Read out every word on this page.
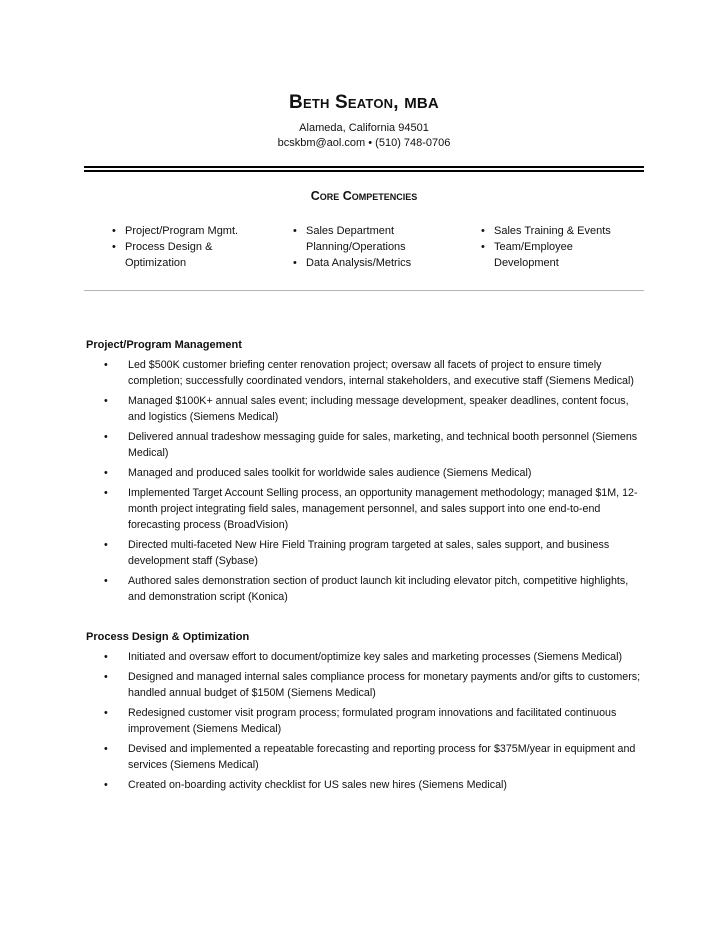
Beth Seaton, MBA
Alameda, California 94501
bcskbm@aol.com • (510) 748-0706
Core Competencies
• Project/Program Mgmt.
• Process Design & Optimization
• Sales Department Planning/Operations
• Data Analysis/Metrics
• Sales Training & Events
• Team/Employee Development
Project/Program Management
• Led $500K customer briefing center renovation project; oversaw all facets of project to ensure timely completion; successfully coordinated vendors, internal stakeholders, and executive staff (Siemens Medical)
• Managed $100K+ annual sales event; including message development, speaker deadlines, content focus, and logistics (Siemens Medical)
• Delivered annual tradeshow messaging guide for sales, marketing, and technical booth personnel (Siemens Medical)
• Managed and produced sales toolkit for worldwide sales audience (Siemens Medical)
• Implemented Target Account Selling process, an opportunity management methodology; managed $1M, 12-month project integrating field sales, management personnel, and sales support into one end-to-end forecasting process (BroadVision)
• Directed multi-faceted New Hire Field Training program targeted at sales, sales support, and business development staff (Sybase)
• Authored sales demonstration section of product launch kit including elevator pitch, competitive highlights, and demonstration script (Konica)
Process Design & Optimization
• Initiated and oversaw effort to document/optimize key sales and marketing processes (Siemens Medical)
• Designed and managed internal sales compliance process for monetary payments and/or gifts to customers; handled annual budget of $150M (Siemens Medical)
• Redesigned customer visit program process; formulated program innovations and facilitated continuous improvement (Siemens Medical)
• Devised and implemented a repeatable forecasting and reporting process for $375M/year in equipment and services (Siemens Medical)
• Created on-boarding activity checklist for US sales new hires (Siemens Medical)
